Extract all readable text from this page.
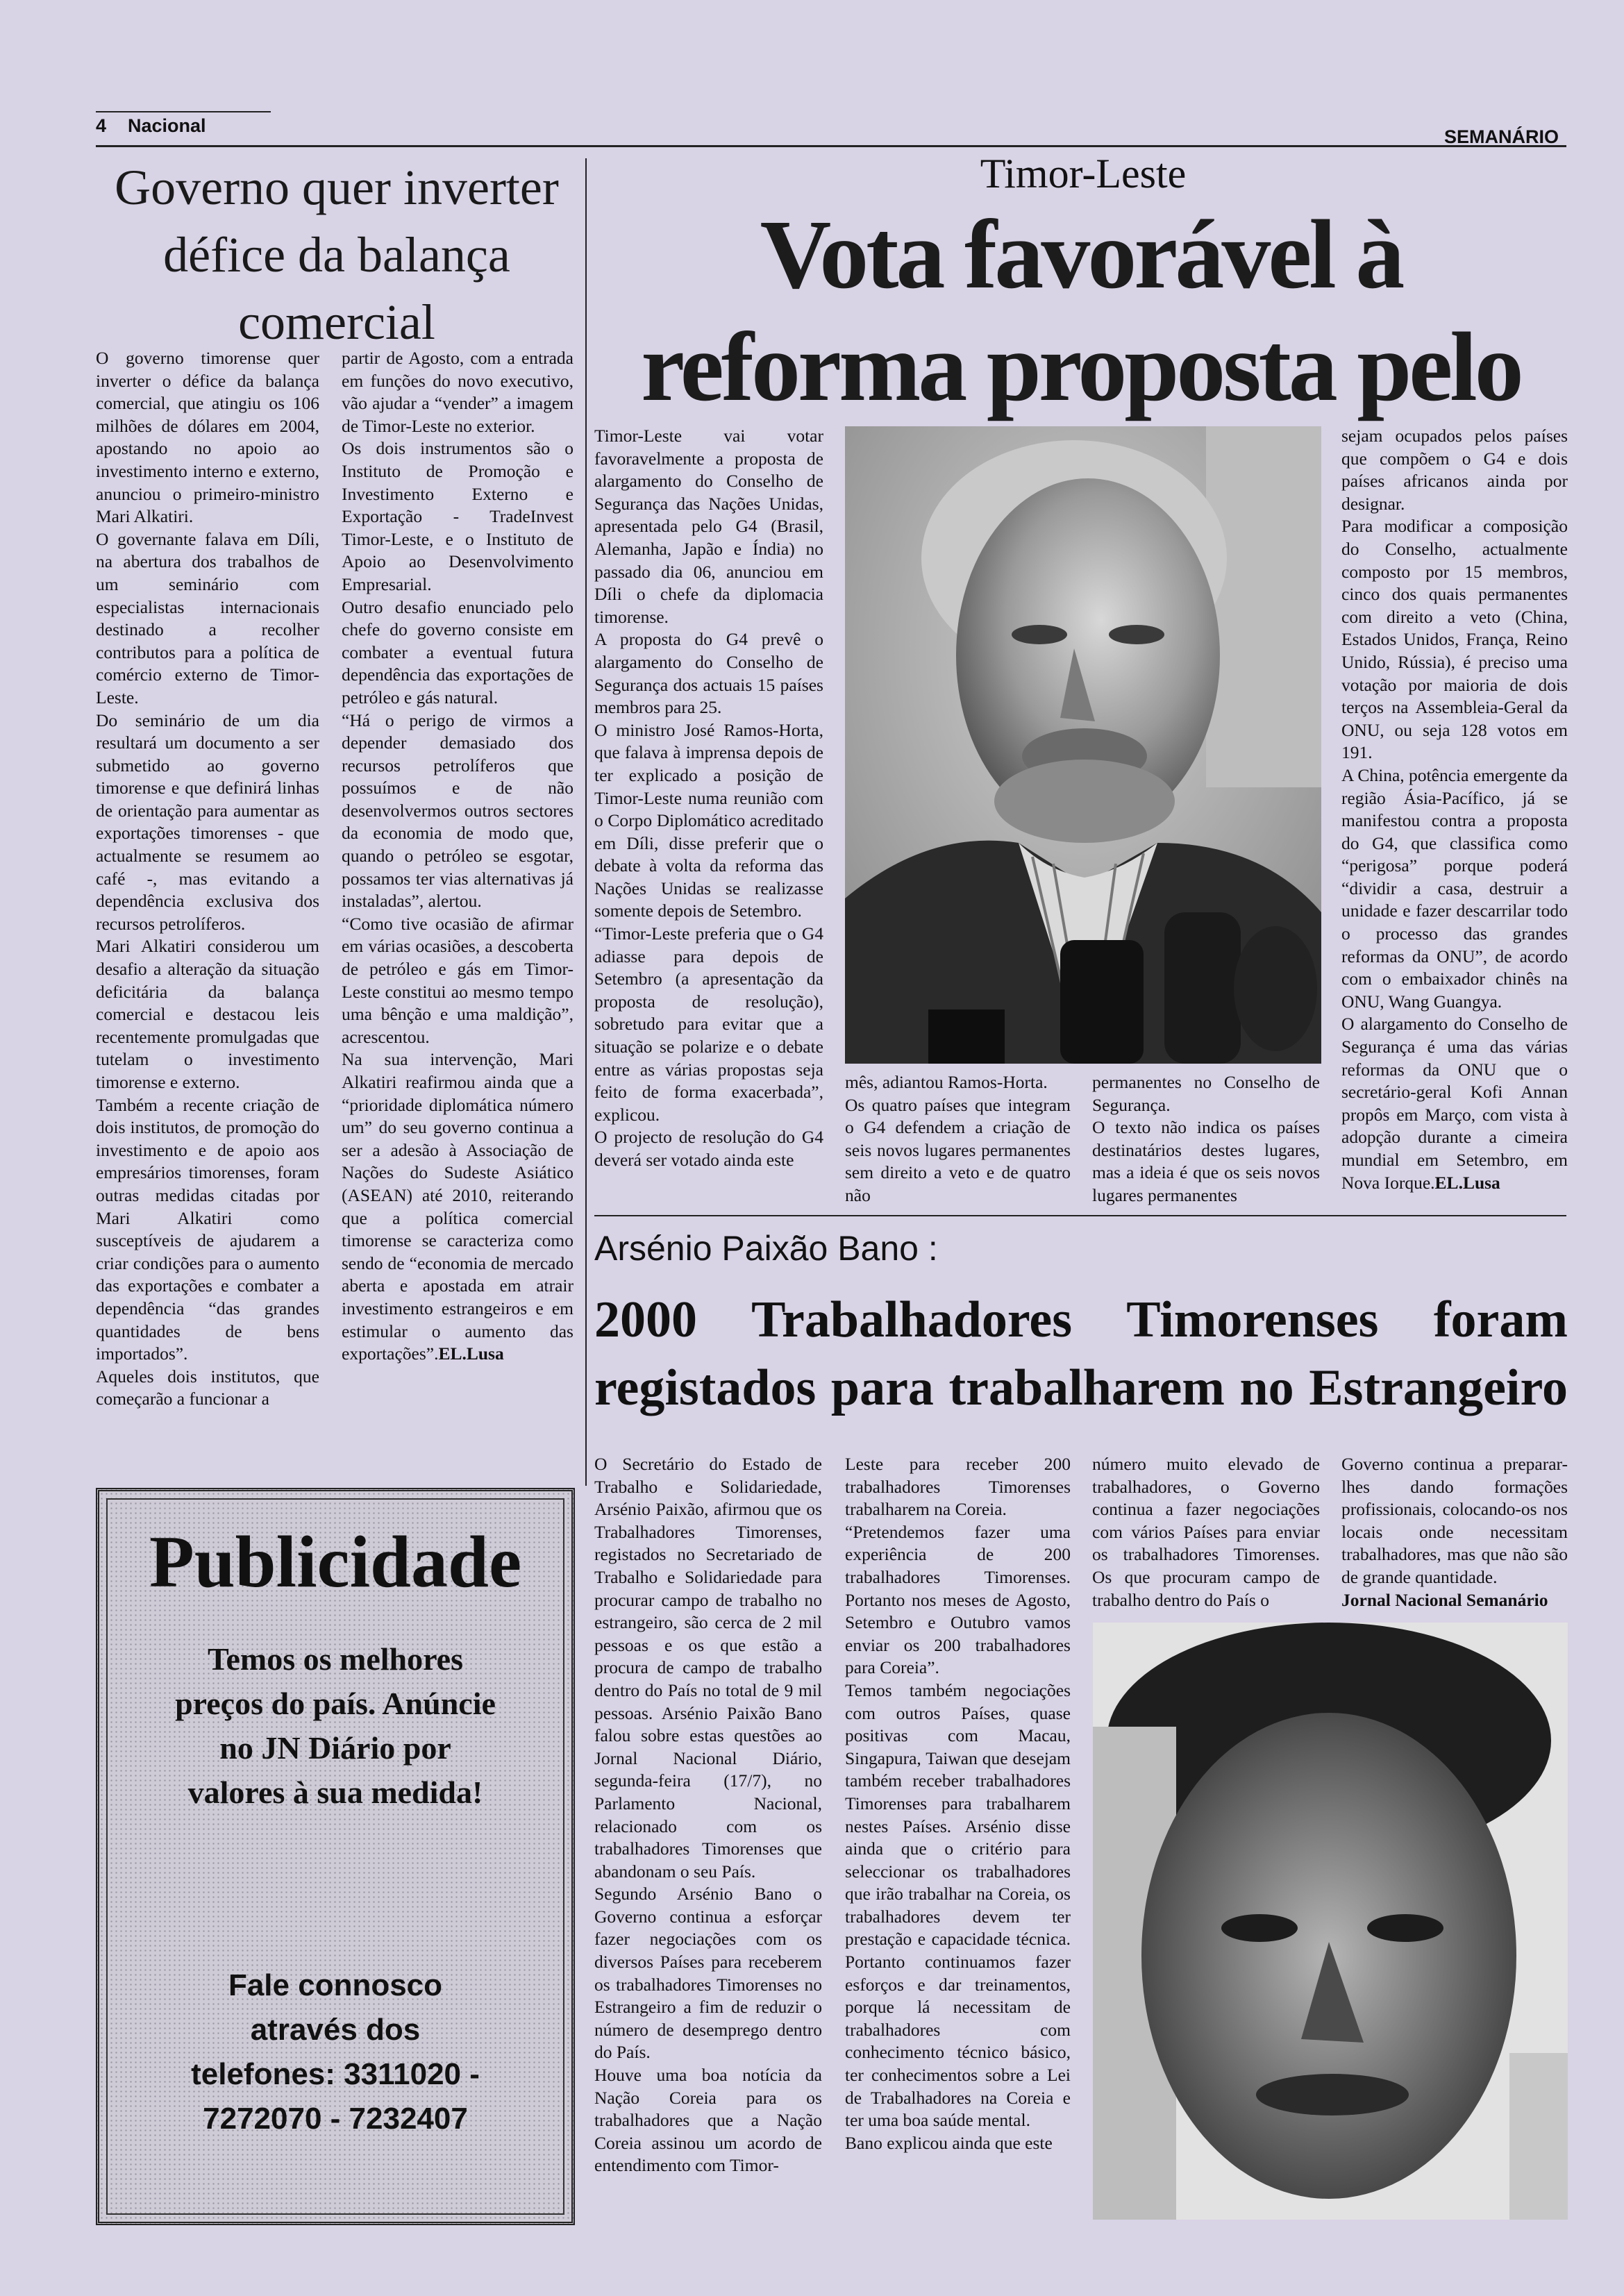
4 Nacional
SEMANÁRIO
Governo quer inverter défice da balança comercial

O governo timorense quer inverter o défice da balança comercial, que atingiu os 106 milhões de dólares em 2004, apostando no apoio ao investimento interno e externo, anunciou o primeiro-ministro Mari Alkatiri.

O governante falava em Díli, na abertura dos trabalhos de um seminário com especialistas internacionais destinado a recolher contributos para a política de comércio externo de Timor-Leste.

Do seminário de um dia resultará um documento a ser submetido ao governo timorense e que definirá linhas de orientação para aumentar as exportações timorenses - que actualmente se resumem ao café -, mas evitando a dependência exclusiva dos recursos petrolíferos.

Mari Alkatiri considerou um desafio a alteração da situação deficitária da balança comercial e destacou leis recentemente promulgadas que tutelam o investimento timorense e externo.

Também a recente criação de dois institutos, de promoção do investimento e de apoio aos empresários timorenses, foram outras medidas citadas por Mari Alkatiri como susceptíveis de ajudarem a criar condições para o aumento das exportações e combater a dependência “das grandes quantidades de bens importados”.

Aqueles dois institutos, que começarão a funcionar a

partir de Agosto, com a entrada em funções do novo executivo, vão ajudar a “vender” a imagem de Timor-Leste no exterior.

Os dois instrumentos são o Instituto de Promoção e Investimento Externo e Exportação - TradeInvest Timor-Leste, e o Instituto de Apoio ao Desenvolvimento Empresarial.

Outro desafio enunciado pelo chefe do governo consiste em combater a eventual futura dependência das exportações de petróleo e gás natural.

“Há o perigo de virmos a depender demasiado dos recursos petrolíferos que possuímos e de não desenvolvermos outros sectores da economia de modo que, quando o petróleo se esgotar, possamos ter vias alternativas já instaladas”, alertou.

“Como tive ocasião de afirmar em várias ocasiões, a descoberta de petróleo e gás em Timor-Leste constitui ao mesmo tempo uma bênção e uma maldição”, acrescentou.

Na sua intervenção, Mari Alkatiri reafirmou ainda que a “prioridade diplomática número um” do seu governo continua a ser a adesão à Associação de Nações do Sudeste Asiático (ASEAN) até 2010, reiterando que a política comercial timorense se caracteriza como sendo de “economia de mercado aberta e apostada em atrair investimento estrangeiros e em estimular o aumento das exportações”.EL.Lusa

Publicidade
Temos os melhores preços do país. Anúncie no JN Diário por valores à sua medida!
Fale connosco através dos telefones: 3311020 - 7272070 - 7232407
Timor-Leste
Vota favorável à reforma proposta pelo

Timor-Leste vai votar favoravelmente a proposta de alargamento do Conselho de Segurança das Nações Unidas, apresentada pelo G4 (Brasil, Alemanha, Japão e Índia) no passado dia 06, anunciou em Díli o chefe da diplomacia timorense.

A proposta do G4 prevê o alargamento do Conselho de Segurança dos actuais 15 países membros para 25.

O ministro José Ramos-Horta, que falava à imprensa depois de ter explicado a posição de Timor-Leste numa reunião com o Corpo Diplomático acreditado em Díli, disse preferir que o debate à volta da reforma das Nações Unidas se realizasse somente depois de Setembro.

“Timor-Leste preferia que o G4 adiasse para depois de Setembro (a apresentação da proposta de resolução), sobretudo para evitar que a situação se polarize e o debate entre as várias propostas seja feito de forma exacerbada”, explicou.

O projecto de resolução do G4 deverá ser votado ainda este

mês, adiantou Ramos-Horta.

Os quatro países que integram o G4 defendem a criação de seis novos lugares permanentes sem direito a veto e de quatro não

permanentes no Conselho de Segurança.

O texto não indica os países destinatários destes lugares, mas a ideia é que os seis novos lugares permanentes

sejam ocupados pelos países que compõem o G4 e dois países africanos ainda por designar.

Para modificar a composição do Conselho, actualmente composto por 15 membros, cinco dos quais permanentes com direito a veto (China, Estados Unidos, França, Reino Unido, Rússia), é preciso uma votação por maioria de dois terços na Assembleia-Geral da ONU, ou seja 128 votos em 191.

A China, potência emergente da região Ásia-Pacífico, já se manifestou contra a proposta do G4, que classifica como “perigosa” porque poderá “dividir a casa, destruir a unidade e fazer descarrilar todo o processo das grandes reformas da ONU”, de acordo com o embaixador chinês na ONU, Wang Guangya.

O alargamento do Conselho de Segurança é uma das várias reformas da ONU que o secretário-geral Kofi Annan propôs em Março, com vista à adopção durante a cimeira mundial em Setembro, em Nova Iorque.EL.Lusa

Arsénio Paixão Bano :
2000 Trabalhadores Timorenses foram registados para trabalharem no Estrangeiro

O Secretário do Estado de Trabalho e Solidariedade, Arsénio Paixão, afirmou que os Trabalhadores Timorenses, registados no Secretariado de Trabalho e Solidariedade para procurar campo de trabalho no estrangeiro, são cerca de 2 mil pessoas e os que estão a procura de campo de trabalho dentro do País no total de 9 mil pessoas. Arsénio Paixão Bano falou sobre estas questões ao Jornal Nacional Diário, segunda-feira (17/7), no Parlamento Nacional, relacionado com os trabalhadores Timorenses que abandonam o seu País.

Segundo Arsénio Bano o Governo continua a esforçar fazer negociações com os diversos Países para receberem os trabalhadores Timorenses no Estrangeiro a fim de reduzir o número de desemprego dentro do País.

Houve uma boa notícia da Nação Coreia para os trabalhadores que a Nação Coreia assinou um acordo de entendimento com Timor-

Leste para receber 200 trabalhadores Timorenses trabalharem na Coreia.

“Pretendemos fazer uma experiência de 200 trabalhadores Timorenses. Portanto nos meses de Agosto, Setembro e Outubro vamos enviar os 200 trabalhadores para Coreia”.

Temos também negociações com outros Países, quase positivas com Macau, Singapura, Taiwan que desejam também receber trabalhadores Timorenses para trabalharem nestes Países. Arsénio disse ainda que o critério para seleccionar os trabalhadores que irão trabalhar na Coreia, os trabalhadores devem ter prestação e capacidade técnica. Portanto continuamos fazer esforços e dar treinamentos, porque lá necessitam de trabalhadores com conhecimento técnico básico, ter conhecimentos sobre a Lei de Trabalhadores na Coreia e ter uma boa saúde mental.

Bano explicou ainda que este

número muito elevado de trabalhadores, o Governo continua a fazer negociações com vários Países para enviar os trabalhadores Timorenses. Os que procuram campo de trabalho dentro do País o

Governo continua a preparar-lhes dando formações profissionais, colocando-os nos locais onde necessitam trabalhadores, mas que não são de grande quantidade.

Jornal Nacional Semanário
